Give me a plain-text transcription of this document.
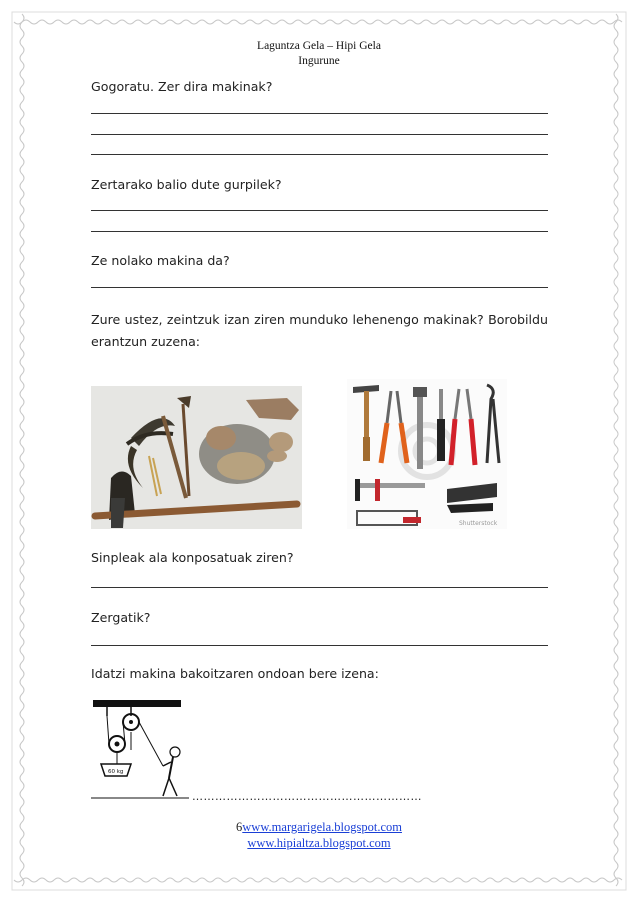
Laguntza Gela – Hipi Gela
Ingurune
Gogoratu. Zer dira makinak?
Zertarako balio dute gurpilek?
Ze nolako makina da?
Zure ustez, zeintzuk izan ziren munduko lehenengo makinak? Borobildu erantzun zuzena:
Shutterstock
Sinpleak ala konposatuak ziren?
Zergatik?
Idatzi makina bakoitzaren ondoan bere izena:
60 kg
……………………………………………………
6www.margarigela.blogspot.com
www.hipialtza.blogspot.com
